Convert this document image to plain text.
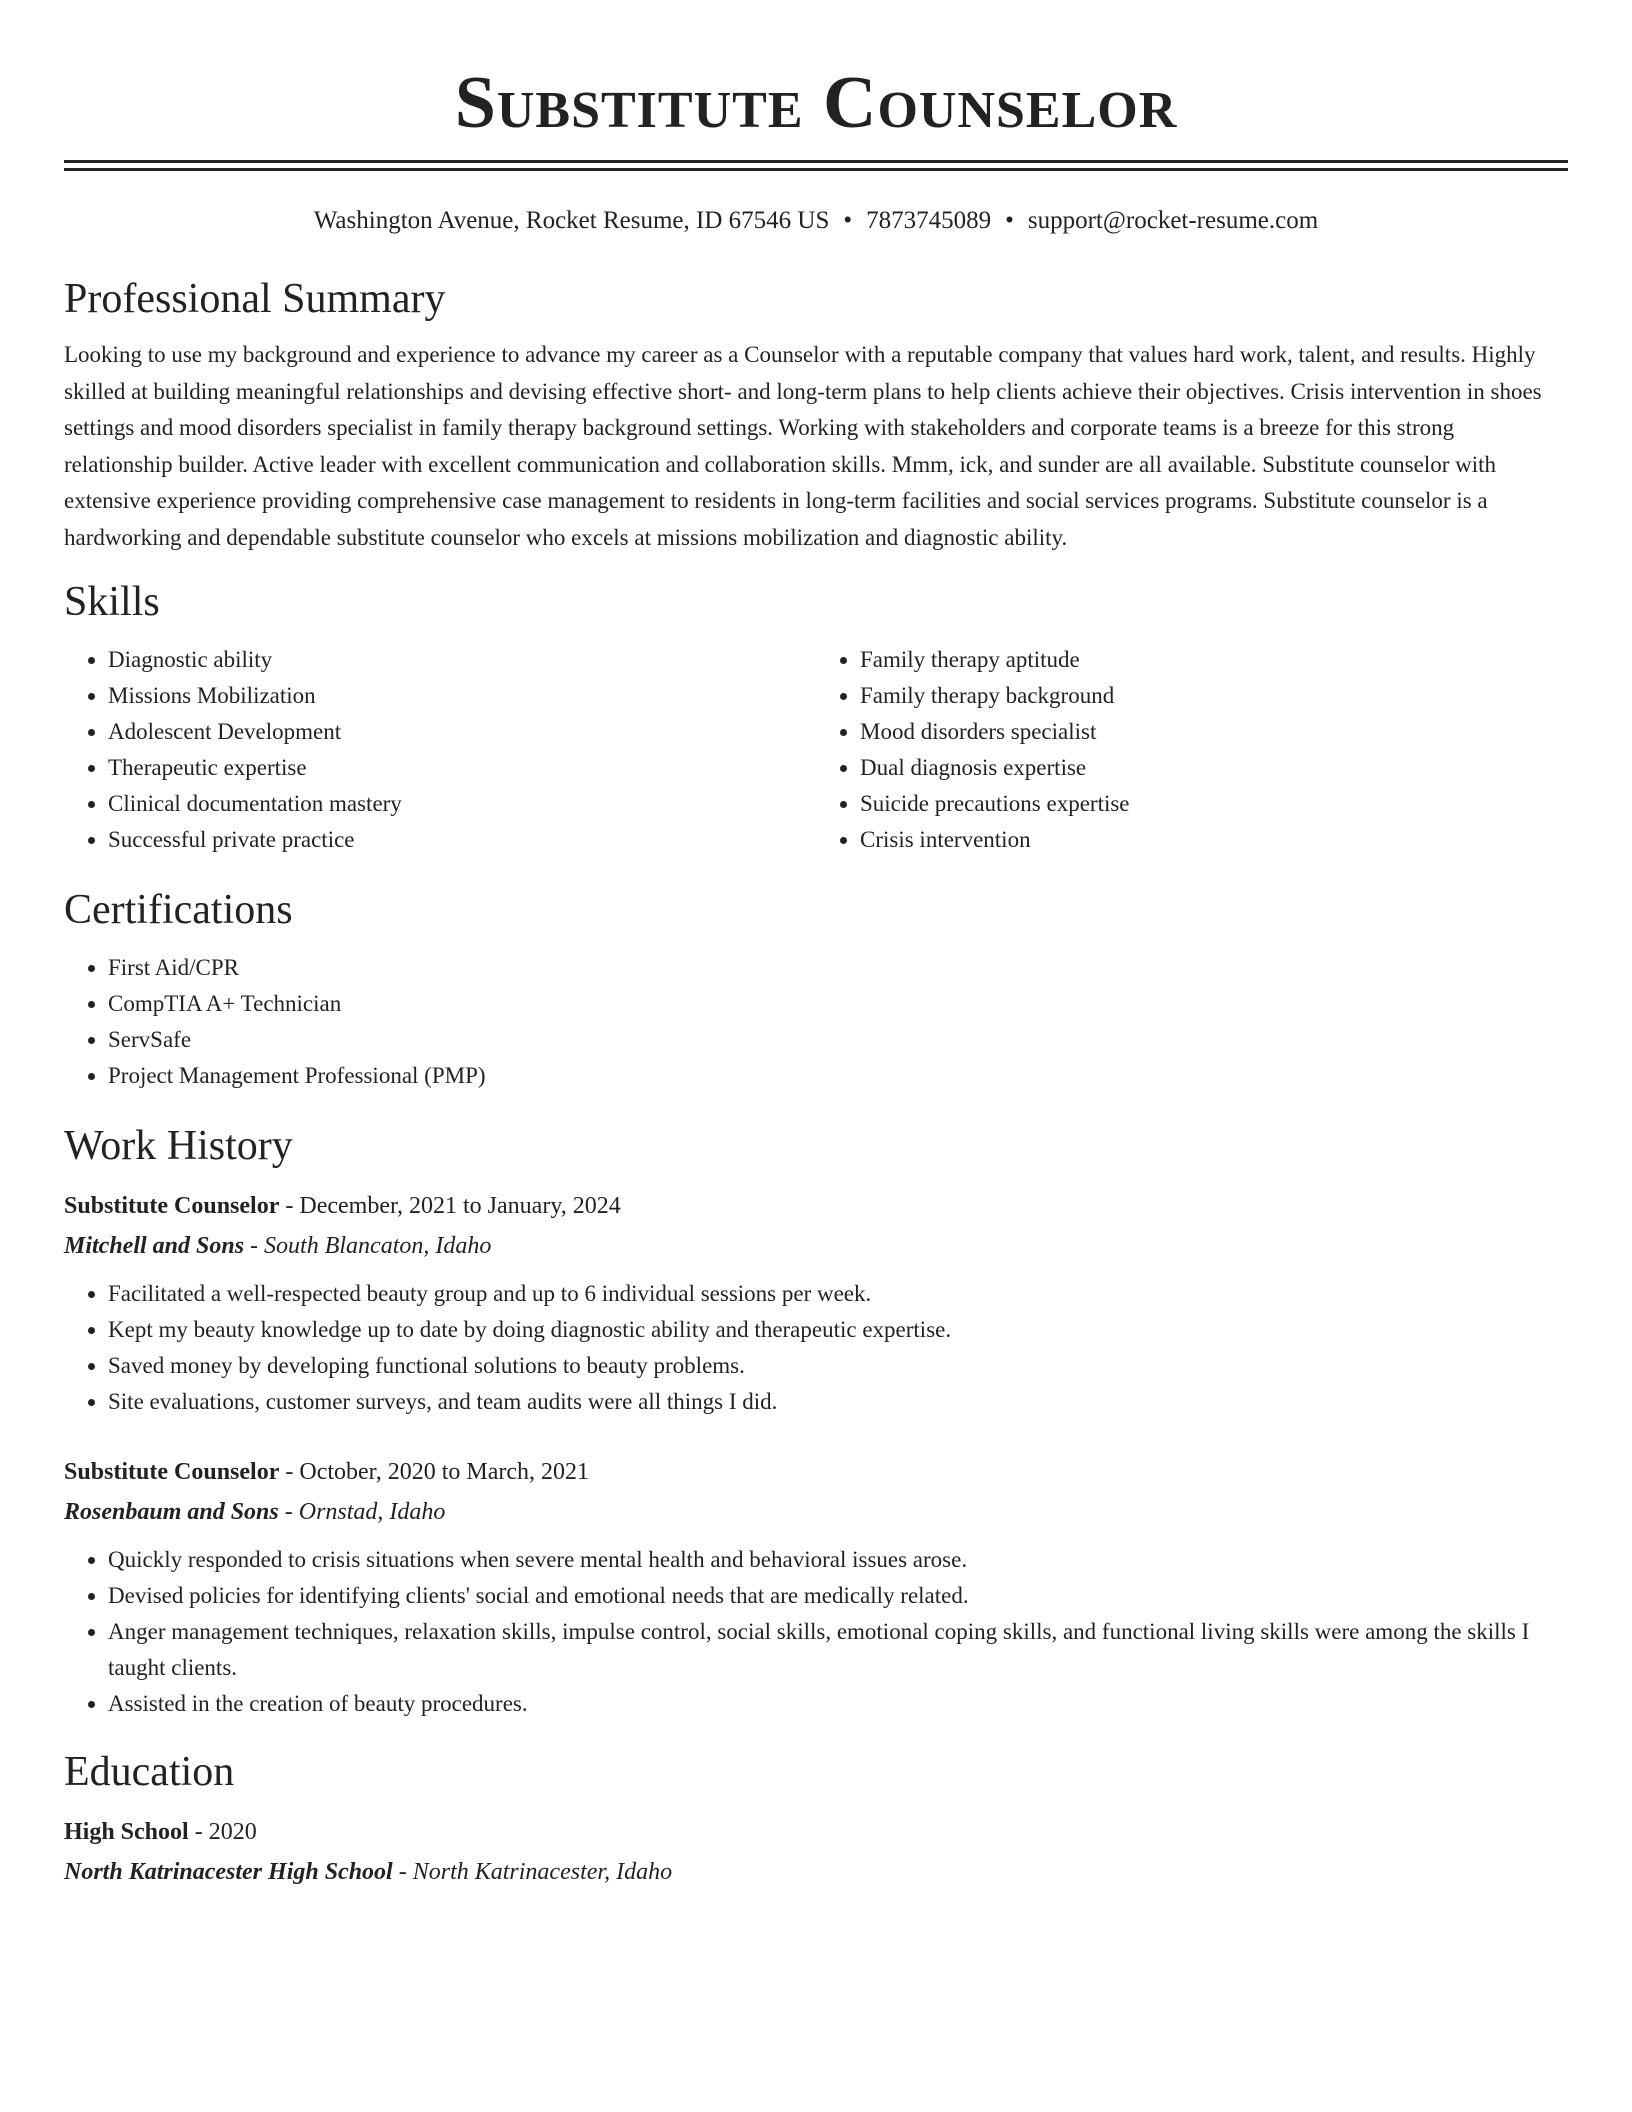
Substitute Counselor
Washington Avenue, Rocket Resume, ID 67546 US • 7873745089 • support@rocket-resume.com
Professional Summary
Looking to use my background and experience to advance my career as a Counselor with a reputable company that values hard work, talent, and results. Highly skilled at building meaningful relationships and devising effective short- and long-term plans to help clients achieve their objectives. Crisis intervention in shoes settings and mood disorders specialist in family therapy background settings. Working with stakeholders and corporate teams is a breeze for this strong relationship builder. Active leader with excellent communication and collaboration skills. Mmm, ick, and sunder are all available. Substitute counselor with extensive experience providing comprehensive case management to residents in long-term facilities and social services programs. Substitute counselor is a hardworking and dependable substitute counselor who excels at missions mobilization and diagnostic ability.
Skills
• Diagnostic ability
• Missions Mobilization
• Adolescent Development
• Therapeutic expertise
• Clinical documentation mastery
• Successful private practice
• Family therapy aptitude
• Family therapy background
• Mood disorders specialist
• Dual diagnosis expertise
• Suicide precautions expertise
• Crisis intervention
Certifications
• First Aid/CPR
• CompTIA A+ Technician
• ServSafe
• Project Management Professional (PMP)
Work History
Substitute Counselor - December, 2021 to January, 2024
Mitchell and Sons - South Blancaton, Idaho
• Facilitated a well-respected beauty group and up to 6 individual sessions per week.
• Kept my beauty knowledge up to date by doing diagnostic ability and therapeutic expertise.
• Saved money by developing functional solutions to beauty problems.
• Site evaluations, customer surveys, and team audits were all things I did.
Substitute Counselor - October, 2020 to March, 2021
Rosenbaum and Sons - Ornstad, Idaho
• Quickly responded to crisis situations when severe mental health and behavioral issues arose.
• Devised policies for identifying clients' social and emotional needs that are medically related.
• Anger management techniques, relaxation skills, impulse control, social skills, emotional coping skills, and functional living skills were among the skills I taught clients.
• Assisted in the creation of beauty procedures.
Education
High School - 2020
North Katrinacester High School - North Katrinacester, Idaho
